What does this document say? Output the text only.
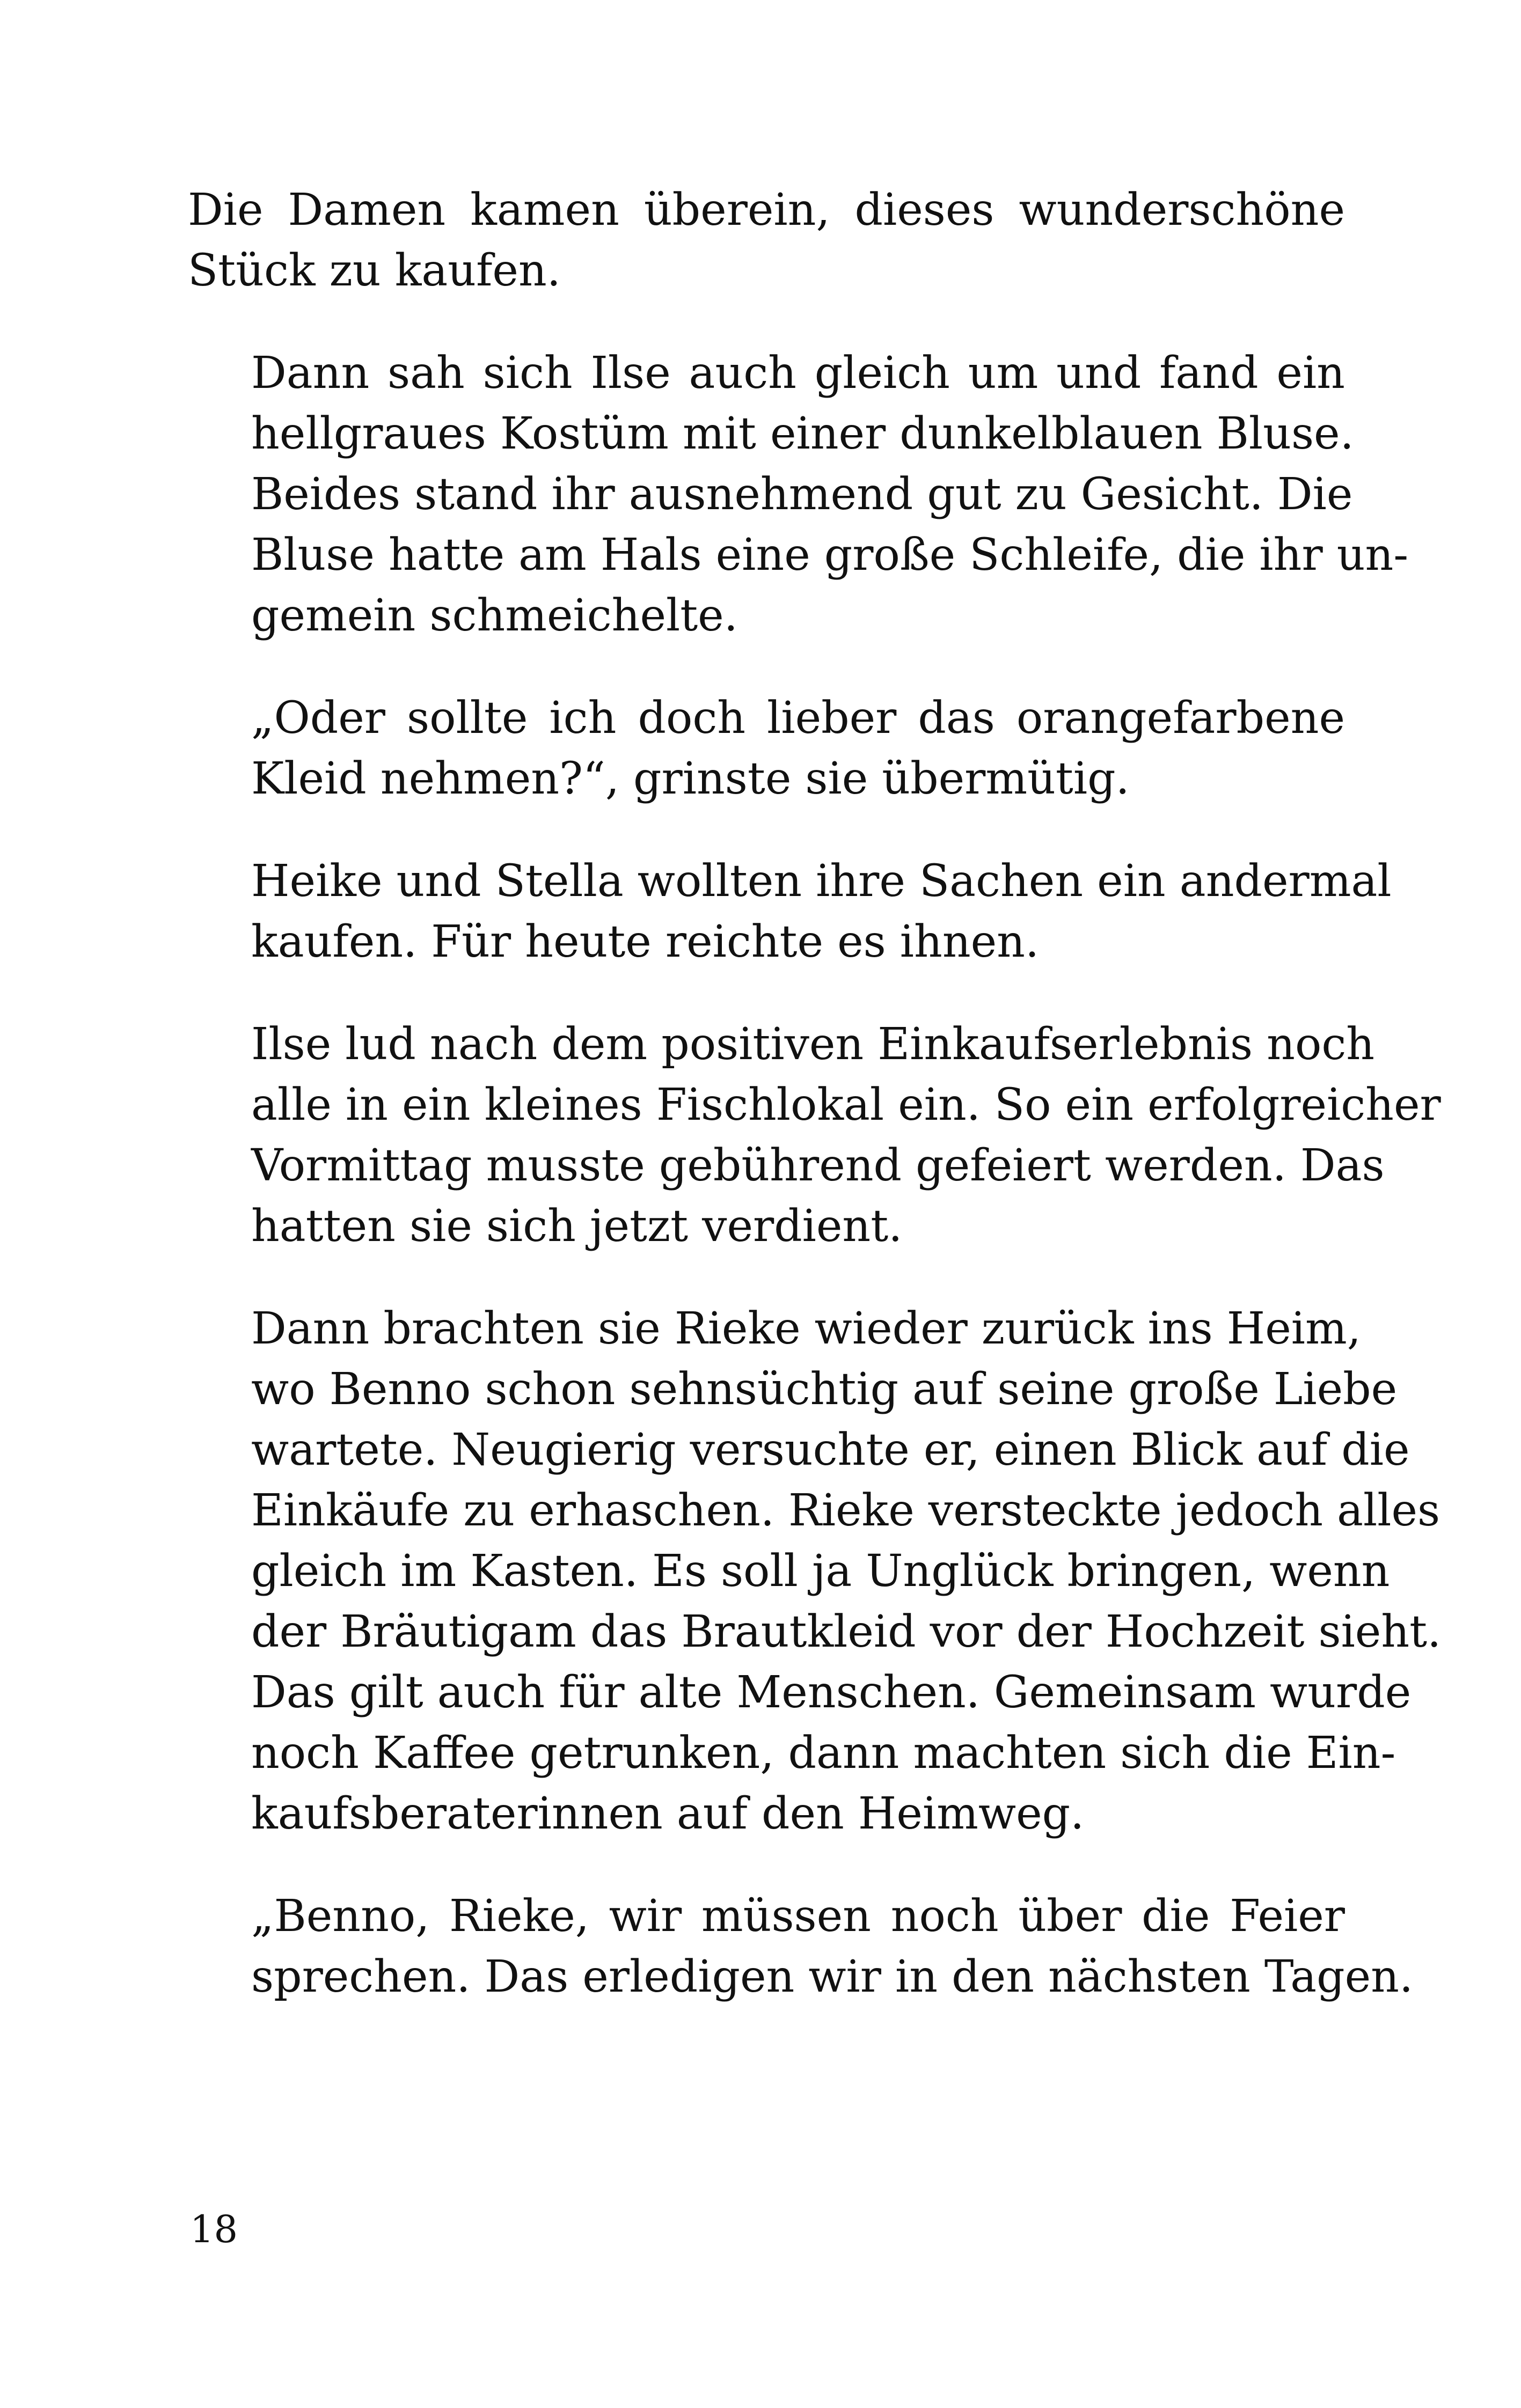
Die Damen kamen überein, dieses wunderschöne
Stück zu kaufen.

Dann sah sich Ilse auch gleich um und fand ein
hellgraues Kostüm mit einer dunkelblauen Bluse.
Beides stand ihr ausnehmend gut zu Gesicht. Die
Bluse hatte am Hals eine große Schleife, die ihr un-
gemein schmeichelte.

„Oder sollte ich doch lieber das orangefarbene
Kleid nehmen?“, grinste sie übermütig.

Heike und Stella wollten ihre Sachen ein andermal
kaufen. Für heute reichte es ihnen.

Ilse lud nach dem positiven Einkaufserlebnis noch
alle in ein kleines Fischlokal ein. So ein erfolgreicher
Vormittag musste gebührend gefeiert werden. Das
hatten sie sich jetzt verdient.

Dann brachten sie Rieke wieder zurück ins Heim,
wo Benno schon sehnsüchtig auf seine große Liebe
wartete. Neugierig versuchte er, einen Blick auf die
Einkäufe zu erhaschen. Rieke versteckte jedoch alles
gleich im Kasten. Es soll ja Unglück bringen, wenn
der Bräutigam das Brautkleid vor der Hochzeit sieht.
Das gilt auch für alte Menschen. Gemeinsam wurde
noch Kaffee getrunken, dann machten sich die Ein-
kaufsberaterinnen auf den Heimweg.

„Benno, Rieke, wir müssen noch über die Feier
sprechen. Das erledigen wir in den nächsten Tagen.

18
